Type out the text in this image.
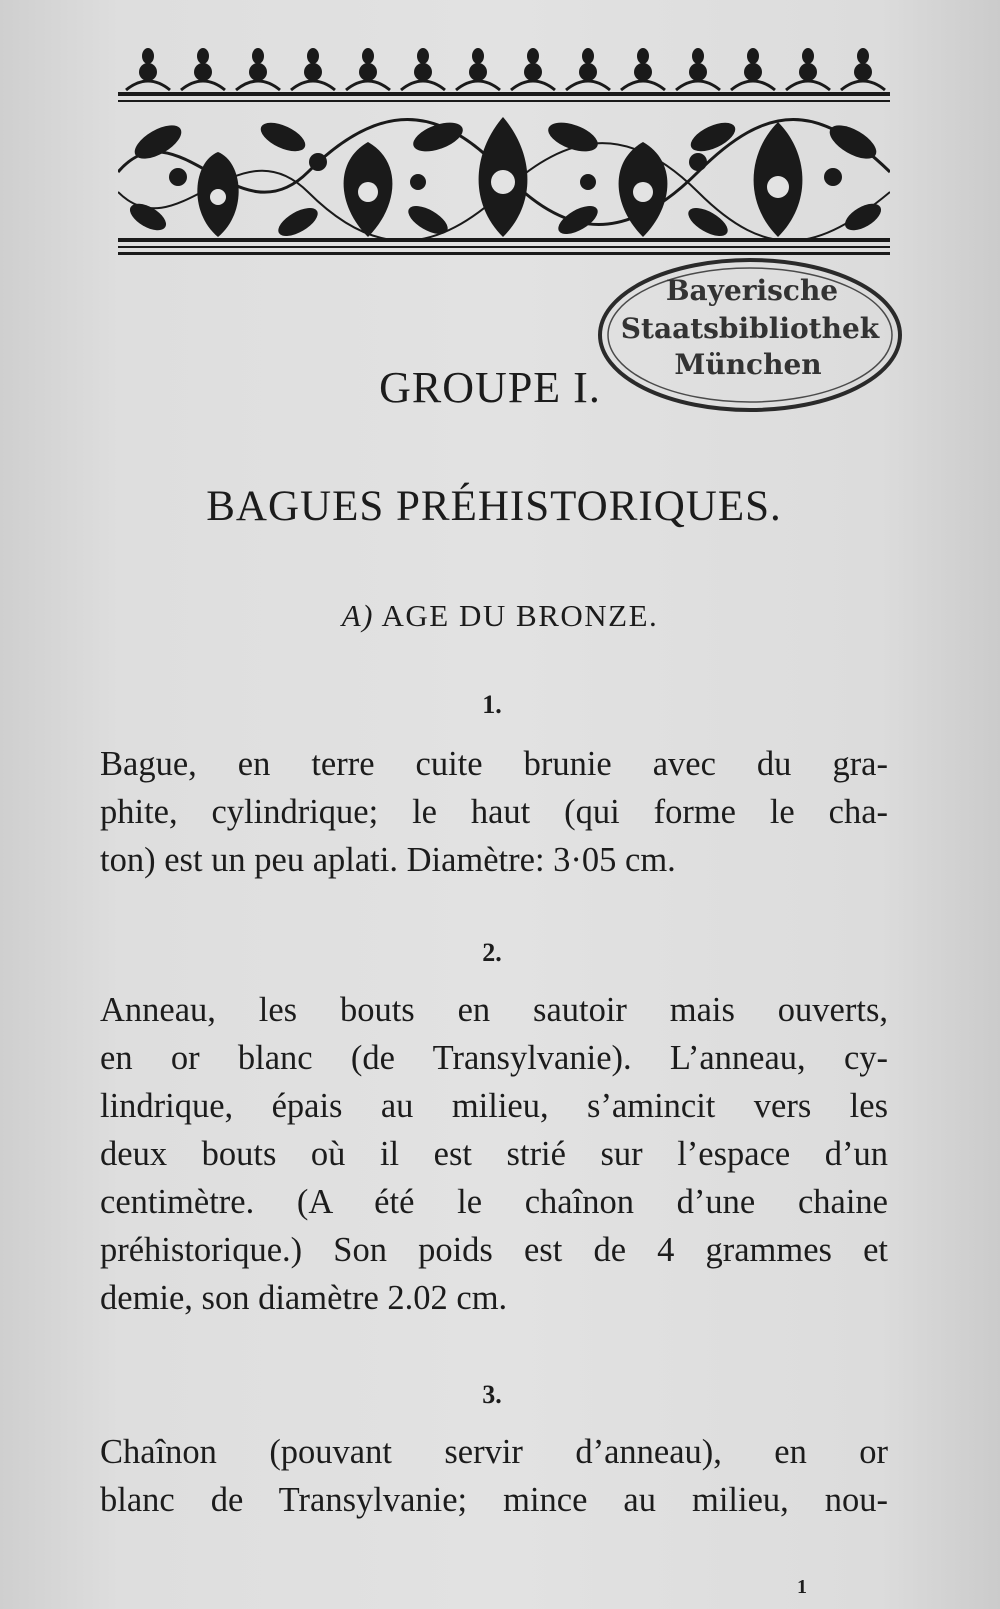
Bayerische
Staatsbibliothek
München
GROUPE I.
BAGUES PRÉHISTORIQUES.
A) AGE DU BRONZE.
1.
Bague, en terre cuite brunie avec du gra-
phite, cylindrique; le haut (qui forme le cha-
ton) est un peu aplati. Diamètre: 3·05 cm.
2.
Anneau, les bouts en sautoir mais ouverts,
en or blanc (de Transylvanie). L’anneau, cy-
lindrique, épais au milieu, s’amincit vers les
deux bouts où il est strié sur l’espace d’un
centimètre. (A été le chaînon d’une chaine
préhistorique.) Son poids est de 4 grammes et
demie, son diamètre 2.02 cm.
3.
Chaînon (pouvant servir d’anneau), en or
blanc de Transylvanie; mince au milieu, nou-
1
